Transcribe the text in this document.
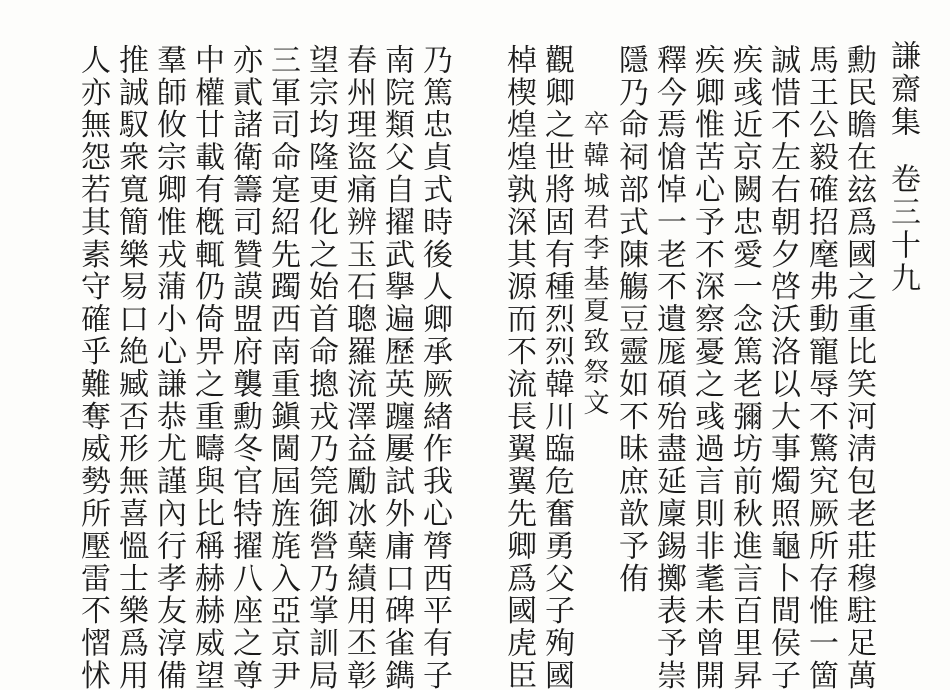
謙齋集卷三十九
勳民瞻在玆爲國之重比笑河淸包老莊穆駐足萬
馬王公毅確招麾弗動寵辱不驚究厥所存惟一箇
誠惜不左右朝夕啓沃洛以大事燭照龜卜間侯子
疾彧近京闕忠愛一念篤老彌坊前秋進言百里昇
疾卿惟苦心予不深察憂之彧過言則非耄未曾開
釋今焉愴悼一老不遺厖碩殆盡延廩錫擲表予崇
隱乃命祠部式陳觴豆靈如不昧庶歆予侑
卒韓城君李基夏致祭文
觀卿之世將固有種烈烈韓川臨危奮勇父子殉國
棹楔煌煌孰深其源而不流長翼翼先卿爲國虎臣
乃篤忠貞式時後人卿承厥緖作我心膂西平有子
南院類父自擢武擧遍歷英躔屢試外庸口碑雀鐫
春州理盜痛辨玉石聰羅流澤益勵冰蘖績用丕彰
望宗均隆更化之始首命摠戎乃筦御營乃掌訓局
三軍司命寔紹先躅西南重鎭閫屆旌旄入亞京尹
亦貳諸衛籌司贊謨盟府襲勳冬官特擢八座之尊
中權廿載有槪輒仍倚畀之重疇與比稱赫赫威望
羣師攸宗卿惟戎蒲小心謙恭尤謹內行孝友淳備
推誠馭衆寬簡樂易口絶臧否形無喜慍士樂爲用
人亦無怨若其素守確乎難奪威勢所壓雷不慴怵
